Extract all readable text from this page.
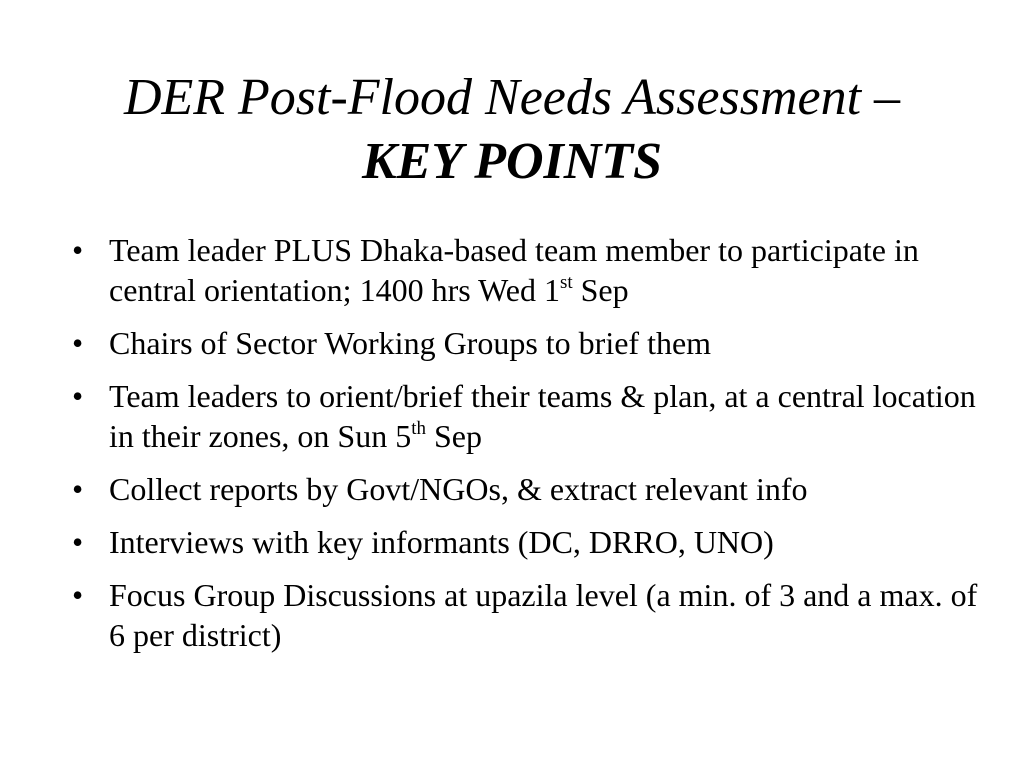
DER Post-Flood Needs Assessment –
KEY POINTS
• Team leader PLUS Dhaka-based team member to participate in central orientation; 1400 hrs Wed 1st Sep
• Chairs of Sector Working Groups to brief them
• Team leaders to orient/brief their teams & plan, at a central location in their zones, on Sun 5th Sep
• Collect reports by Govt/NGOs, & extract relevant info
• Interviews with key informants (DC, DRRO, UNO)
• Focus Group Discussions at upazila level (a min. of 3 and a max. of 6 per district)
